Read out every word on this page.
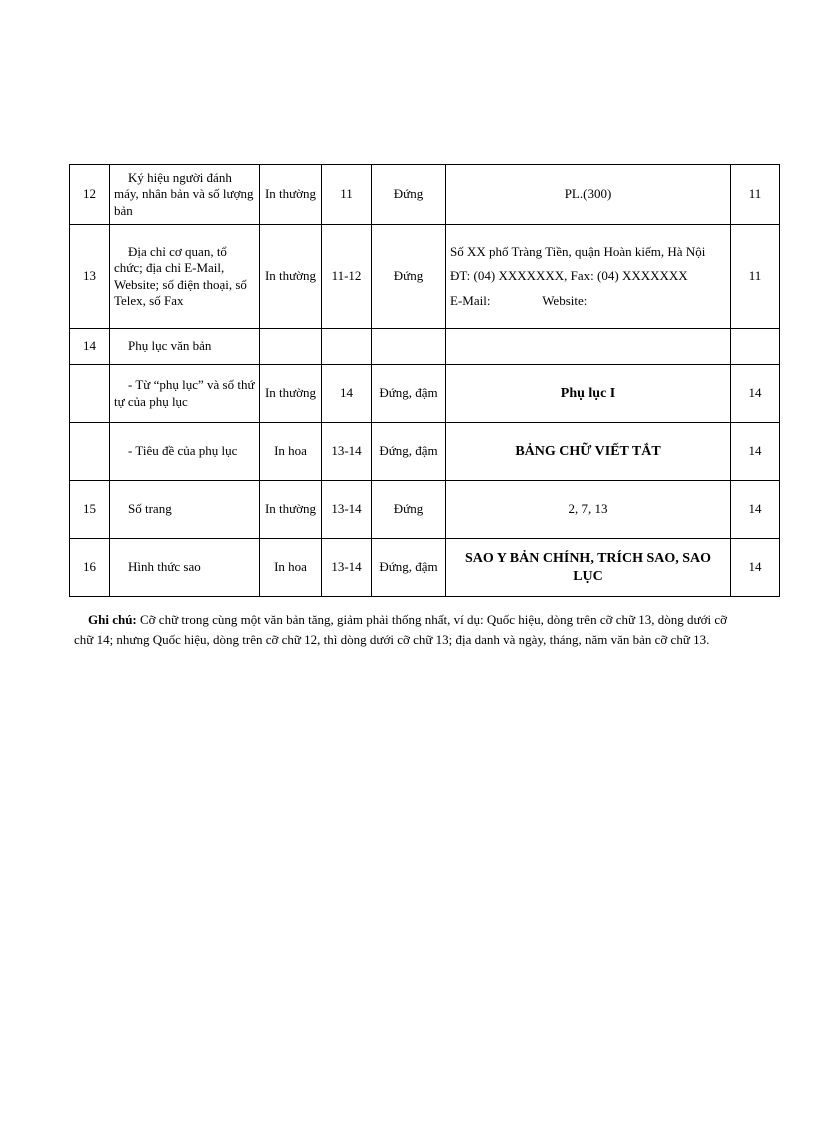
12	Ký hiệu người đánh máy, nhân bản và số lượng bản	In thường	11	Đứng	PL.(300)	11
13	Địa chỉ cơ quan, tổ chức; địa chỉ E-Mail, Website; số điện thoại, số Telex, số Fax	In thường	11-12	Đứng	Số XX phố Tràng Tiền, quận Hoàn kiếm, Hà Nội
ĐT: (04) XXXXXXX, Fax: (04) XXXXXXX
E-Mail:                Website:	11
14	Phụ lục văn bản					
	- Từ “phụ lục” và số thứ tự của phụ lục	In thường	14	Đứng, đậm	Phụ lục I	14
	- Tiêu đề của phụ lục	In hoa	13-14	Đứng, đậm	BẢNG CHỮ VIẾT TẮT	14
15	Số trang	In thường	13-14	Đứng	2, 7, 13	14
16	Hình thức sao	In hoa	13-14	Đứng, đậm	SAO Y BẢN CHÍNH, TRÍCH SAO, SAO LỤC	14
Ghi chú: Cỡ chữ trong cùng một văn bản tăng, giảm phải thống nhất, ví dụ: Quốc hiệu, dòng trên cỡ chữ 13, dòng dưới cỡ chữ 14; nhưng Quốc hiệu, dòng trên cỡ chữ 12, thì dòng dưới cỡ chữ 13; địa danh và ngày, tháng, năm văn bản cỡ chữ 13.
